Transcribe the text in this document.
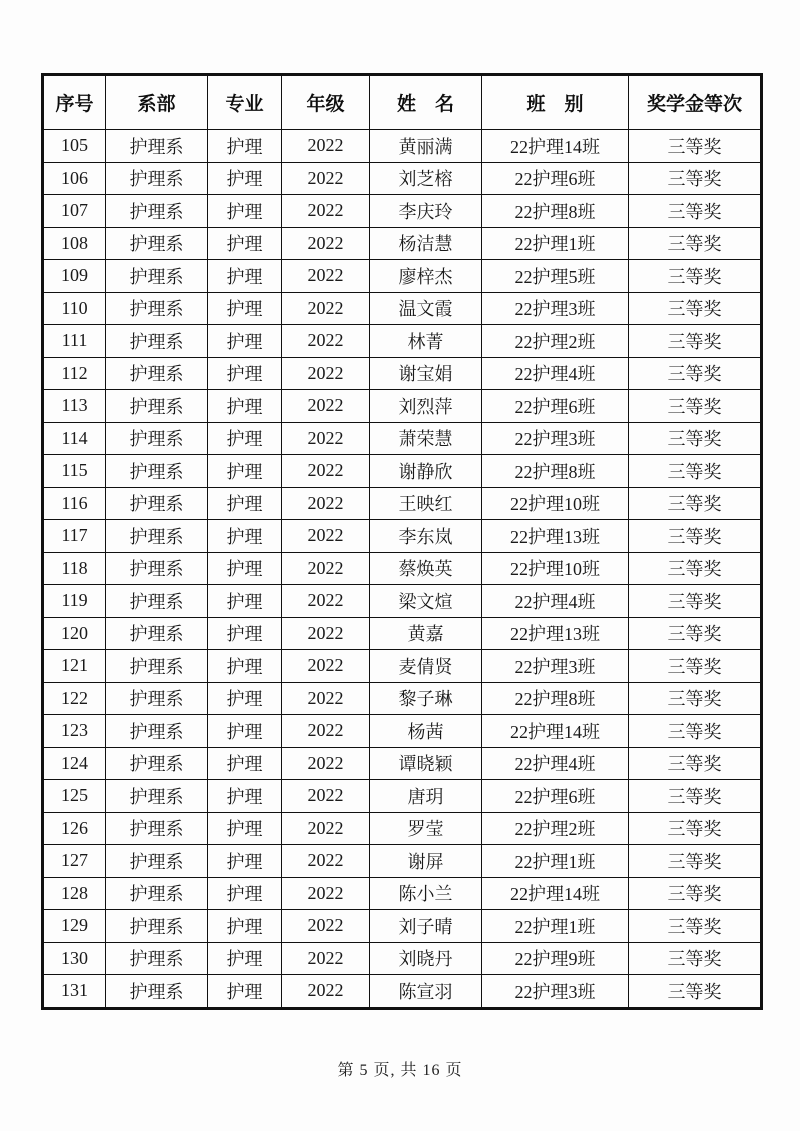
序号	系部	专业	年级	姓　名	班　别	奖学金等次
105	护理系	护理	2022	黄丽满	22护理14班	三等奖
106	护理系	护理	2022	刘芝榕	22护理6班	三等奖
107	护理系	护理	2022	李庆玲	22护理8班	三等奖
108	护理系	护理	2022	杨洁慧	22护理1班	三等奖
109	护理系	护理	2022	廖梓杰	22护理5班	三等奖
110	护理系	护理	2022	温文霞	22护理3班	三等奖
111	护理系	护理	2022	林菁	22护理2班	三等奖
112	护理系	护理	2022	谢宝娟	22护理4班	三等奖
113	护理系	护理	2022	刘烈萍	22护理6班	三等奖
114	护理系	护理	2022	萧荣慧	22护理3班	三等奖
115	护理系	护理	2022	谢静欣	22护理8班	三等奖
116	护理系	护理	2022	王映红	22护理10班	三等奖
117	护理系	护理	2022	李东岚	22护理13班	三等奖
118	护理系	护理	2022	蔡焕英	22护理10班	三等奖
119	护理系	护理	2022	梁文煊	22护理4班	三等奖
120	护理系	护理	2022	黄嘉	22护理13班	三等奖
121	护理系	护理	2022	麦倩贤	22护理3班	三等奖
122	护理系	护理	2022	黎子琳	22护理8班	三等奖
123	护理系	护理	2022	杨茜	22护理14班	三等奖
124	护理系	护理	2022	谭晓颖	22护理4班	三等奖
125	护理系	护理	2022	唐玥	22护理6班	三等奖
126	护理系	护理	2022	罗莹	22护理2班	三等奖
127	护理系	护理	2022	谢屏	22护理1班	三等奖
128	护理系	护理	2022	陈小兰	22护理14班	三等奖
129	护理系	护理	2022	刘子晴	22护理1班	三等奖
130	护理系	护理	2022	刘晓丹	22护理9班	三等奖
131	护理系	护理	2022	陈宣羽	22护理3班	三等奖
第 5 页, 共 16 页
